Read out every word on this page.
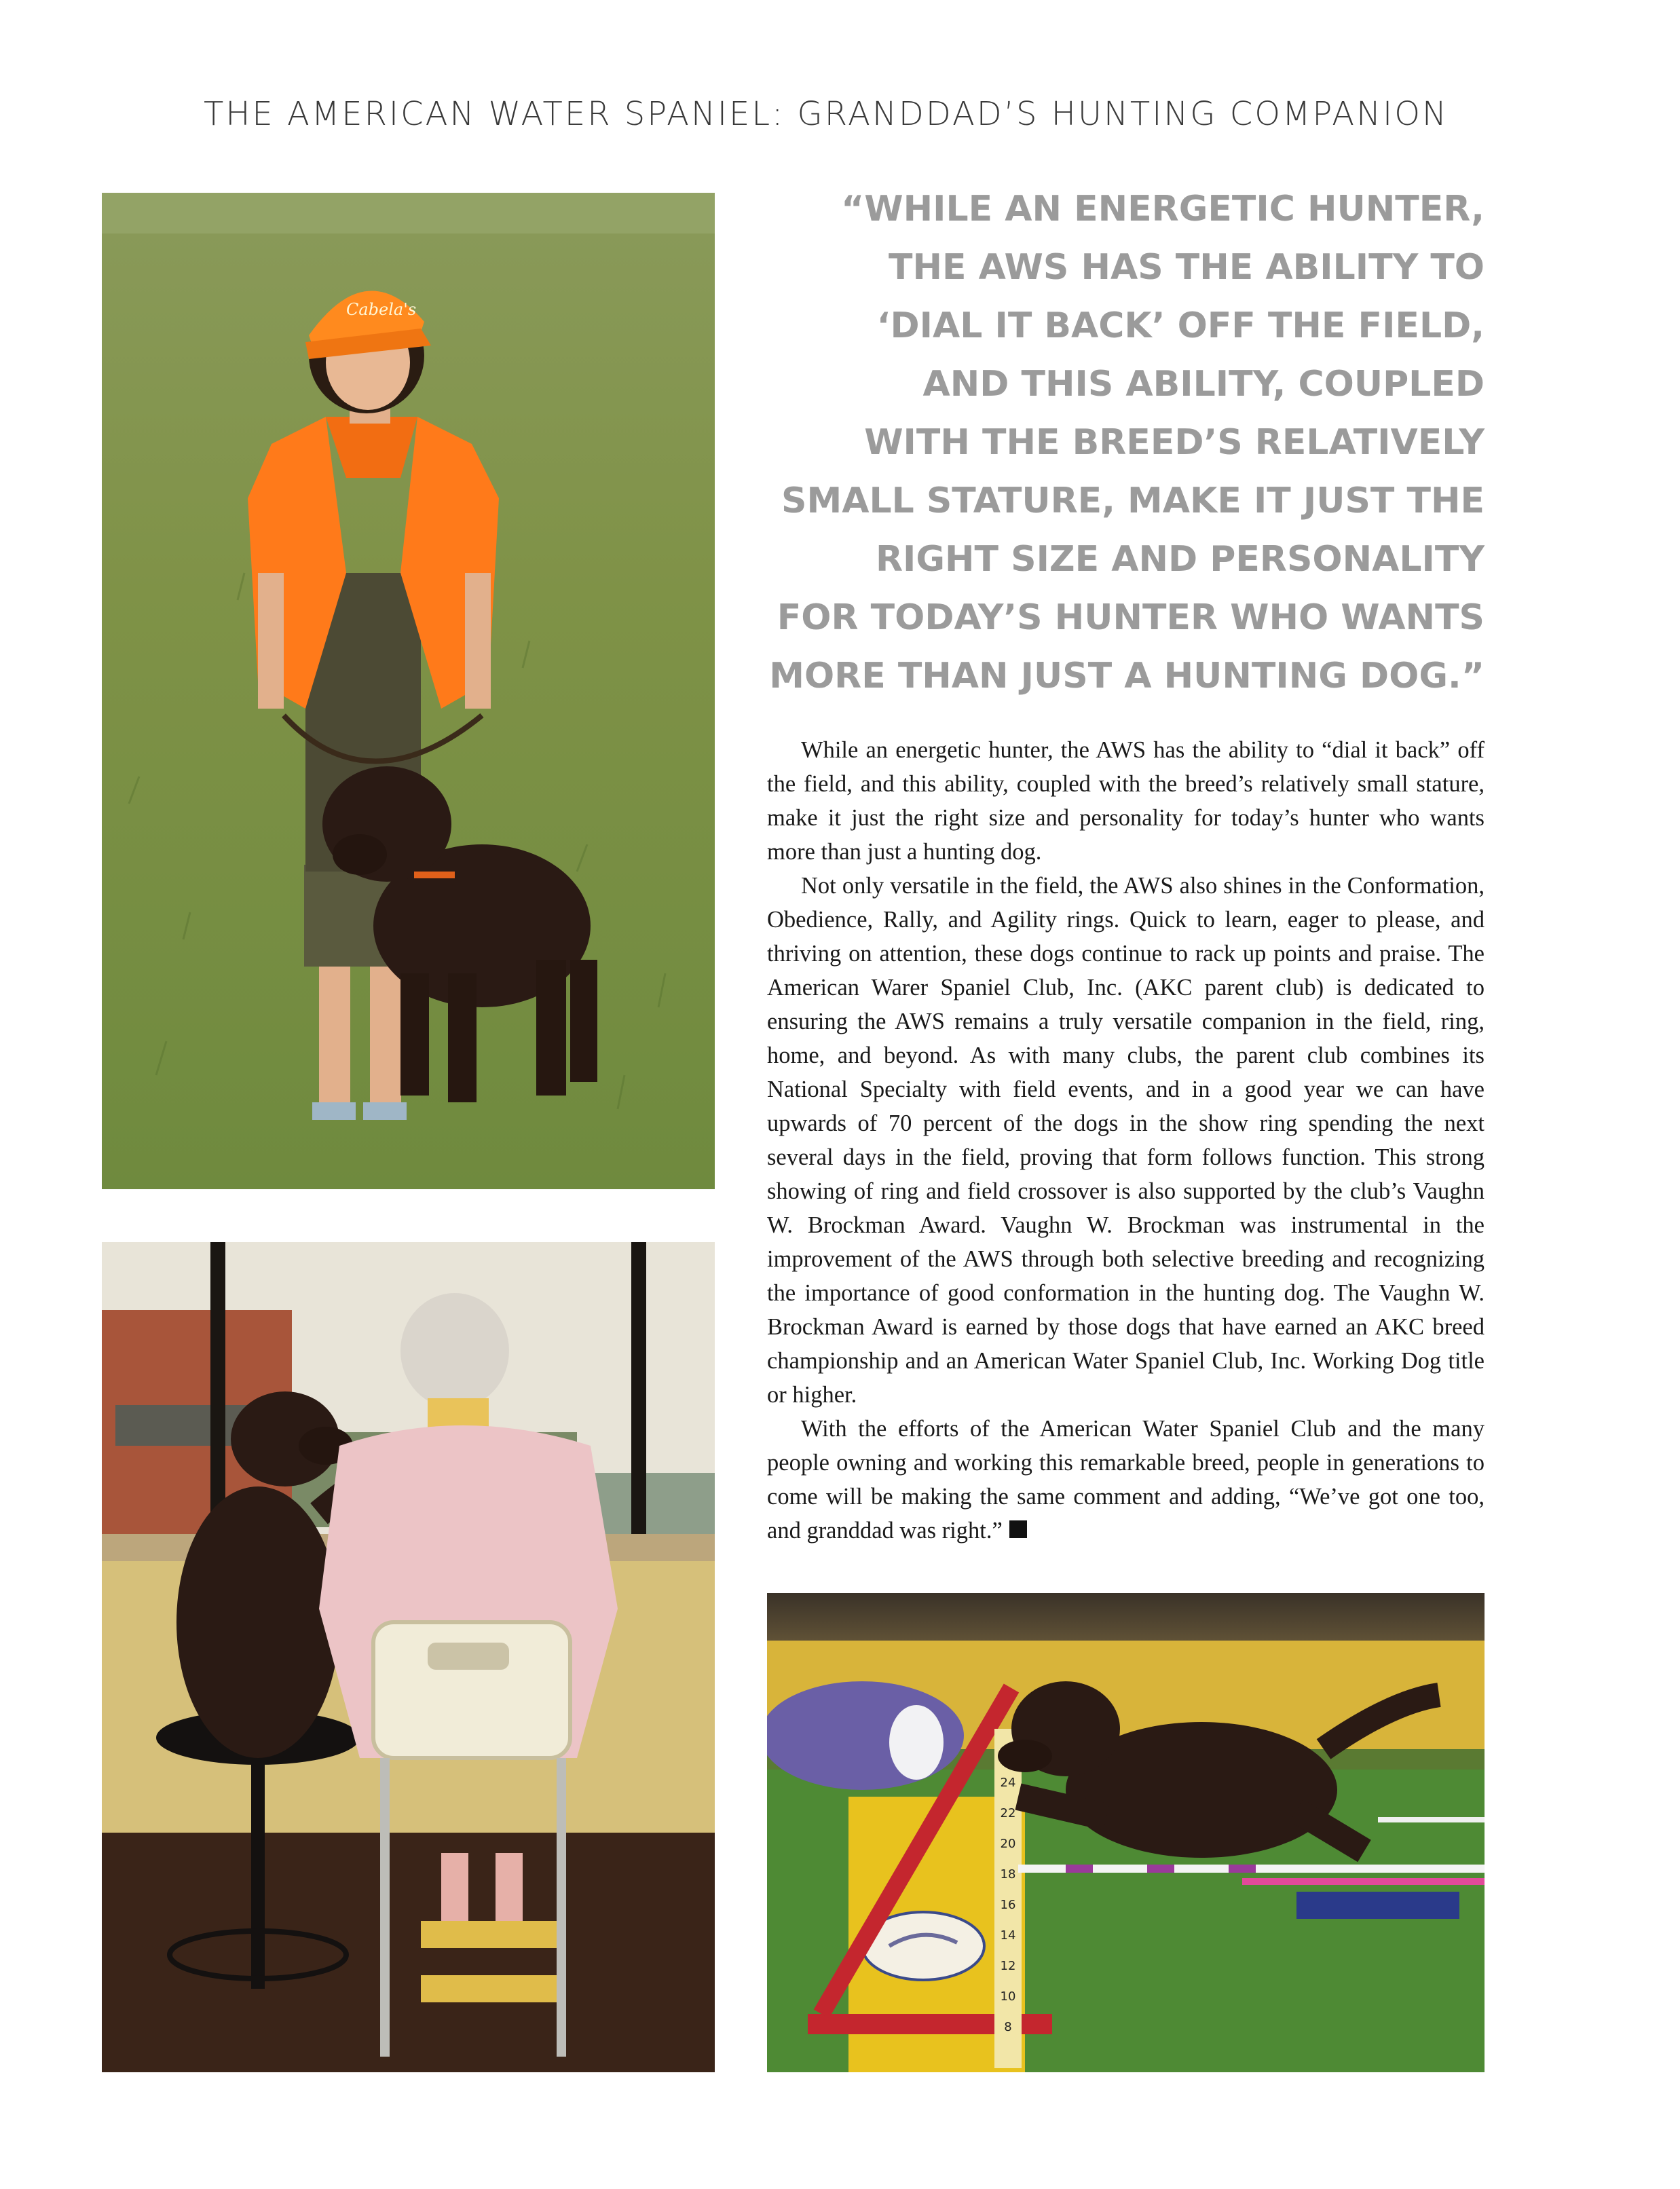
THE AMERICAN WATER SPANIEL: GRANDDAD’S HUNTING COMPANION
Cabela's
“WHILE AN ENERGETIC HUNTER,
THE AWS HAS THE ABILITY TO
‘DIAL IT BACK’ OFF THE FIELD,
AND THIS ABILITY, COUPLED
WITH THE BREED’S RELATIVELY
SMALL STATURE, MAKE IT JUST THE
RIGHT SIZE AND PERSONALITY
FOR TODAY’S HUNTER WHO WANTS
MORE THAN JUST A HUNTING DOG.”

While an energetic hunter, the AWS has the ability to “dial it back” off the field, and this ability, coupled with the breed’s relatively small stature, make it just the right size and personality for today’s hunter who wants more than just a hunting dog.

Not only versatile in the field, the AWS also shines in the Conformation, Obedience, Rally, and Agility rings. Quick to learn, eager to please, and thriving on attention, these dogs continue to rack up points and praise. The American Warer Spaniel Club, Inc. (AKC parent club) is dedicated to ensuring the AWS remains a truly versatile companion in the field, ring, home, and beyond. As with many clubs, the parent club combines its National Specialty with field events, and in a good year we can have upwards of 70 percent of the dogs in the show ring spending the next several days in the field, proving that form follows function. This strong showing of ring and field crossover is also supported by the club’s Vaughn W. Brockman Award. Vaughn W. Brockman was instrumental in the improvement of the AWS through both selective breeding and recognizing the importance of good conformation in the hunting dog. The Vaughn W. Brockman Award is earned by those dogs that have earned an AKC breed championship and an American Water Spaniel Club, Inc. Working Dog title or higher.

With the efforts of the American Water Spaniel Club and the many people owning and working this remarkable breed, people in generations to come will be making the same comment and adding, “We’ve got one too, and granddad was right.”

24
22
20
18
16
14
12
10
8
